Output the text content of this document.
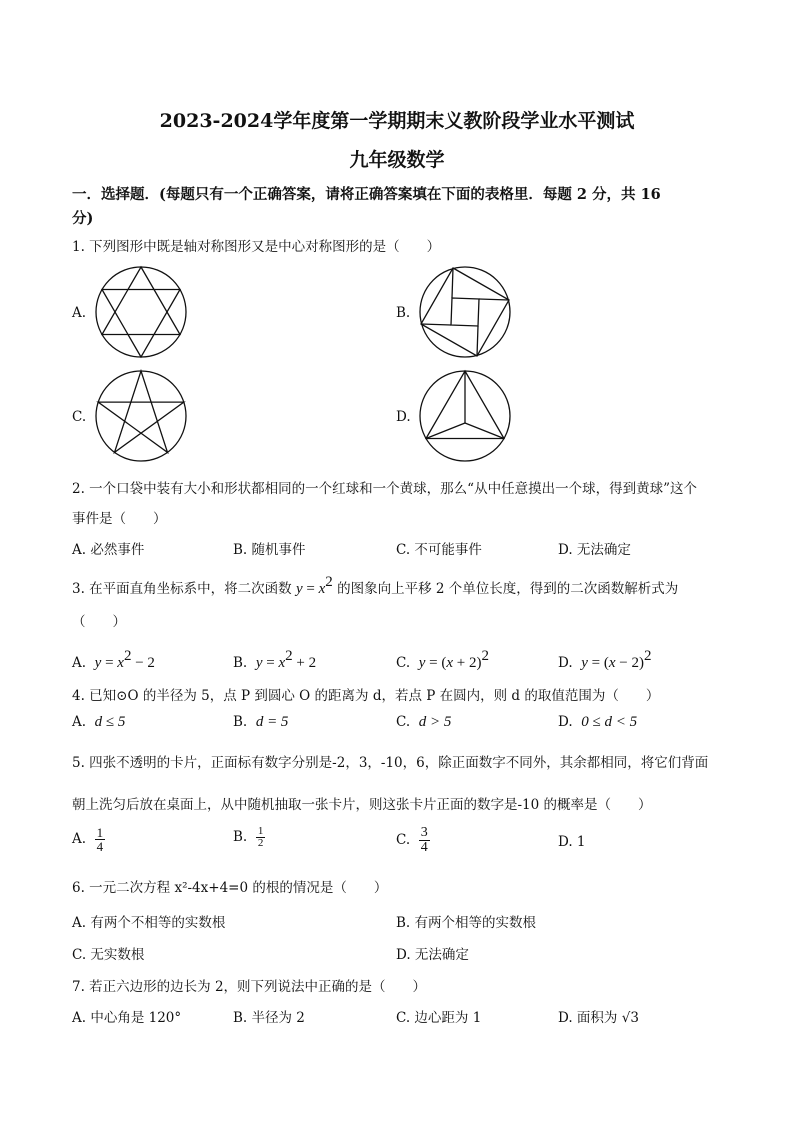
2023-2024学年度第一学期期末义教阶段学业水平测试
九年级数学
一．选择题．(每题只有一个正确答案，请将正确答案填在下面的表格里．每题 2 分，共 16
分)
1. 下列图形中既是轴对称图形又是中心对称图形的是（　　）
A.	B.
C.	D.
2. 一个口袋中装有大小和形状都相同的一个红球和一个黄球，那么“从中任意摸出一个球，得到黄球”这个
事件是（　　）
A. 必然事件	B. 随机事件	C. 不可能事件	D. 无法确定
3. 在平面直角坐标系中，将二次函数 $y = x^2$ 的图象向上平移 2 个单位长度，得到的二次函数解析式为
（　　）
A. $y = x^2 - 2$	B. $y = x^2 + 2$	C. $y = (x + 2)^2$	D. $y = (x - 2)^2$
4. 已知⊙O 的半径为 5，点 P 到圆心 O 的距离为 d，若点 P 在圆内，则 d 的取值范围为（　　）
A. d ≤ 5	B. d = 5	C. d > 5	D. 0 ≤ d < 5
5. 四张不透明的卡片，正面标有数字分别是-2，3，-10，6，除正面数字不同外，其余都相同，将它们背面
朝上洗匀后放在桌面上，从中随机抽取一张卡片，则这张卡片正面的数字是-10 的概率是（　　）
A. $\frac{1}{4}$	B. $\frac{1}{2}$	C. $\frac{3}{4}$	D. 1
6. 一元二次方程 x²-4x+4=0 的根的情况是（　　）
A. 有两个不相等的实数根	B. 有两个相等的实数根
C. 无实数根	D. 无法确定
7. 若正六边形的边长为 2，则下列说法中正确的是（　　）
A. 中心角是 120°	B. 半径为 2	C. 边心距为 1	D. 面积为 √3
